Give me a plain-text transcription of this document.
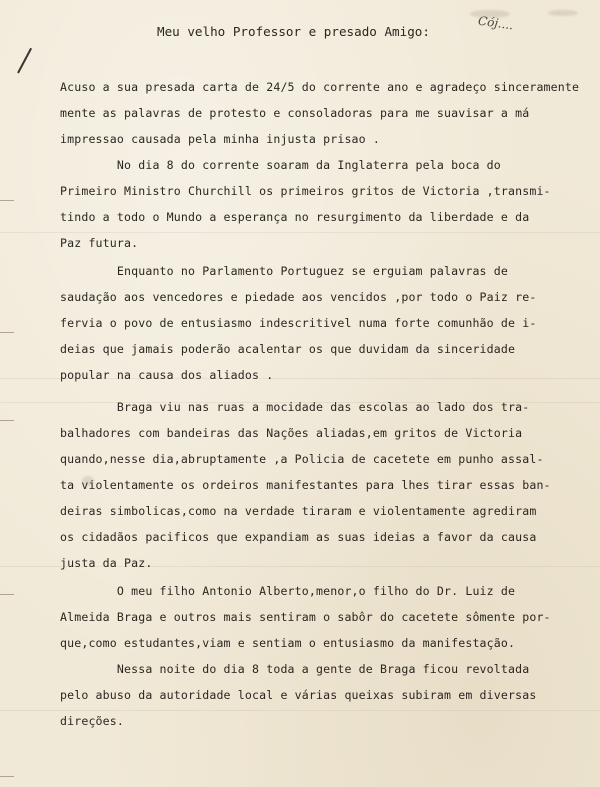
Cój....
Meu velho Professor e presado Amigo:

Acuso a sua presada carta de 24/5 do corrente ano e agradeço sinceramente

mente as palavras de protesto e consoladoras para me suavisar a má

impressao causada pela minha injusta prisao .

No dia 8 do corrente soaram da Inglaterra pela boca do

Primeiro Ministro Churchill os primeiros gritos de Victoria ,transmi-

tindo a todo o Mundo a esperança no resurgimento da liberdade e da

Paz futura.

Enquanto no Parlamento Portuguez se erguiam palavras de

saudação aos vencedores e piedade aos vencidos ,por todo o Paiz re-

fervia o povo de entusiasmo indescritivel numa forte comunhão de i-

deias que jamais poderão acalentar os que duvidam da sinceridade

popular na causa dos aliados .

Braga viu nas ruas a mocidade das escolas ao lado dos tra-

balhadores com bandeiras das Nações aliadas,em gritos de Victoria

quando,nesse dia,abruptamente ,a Policia de cacetete em punho assal-

ta violentamente os ordeiros manifestantes para lhes tirar essas ban-

deiras simbolicas,como na verdade tiraram e violentamente agrediram

os cidadãos pacificos que expandiam as suas ideias a favor da causa

justa da Paz.

O meu filho Antonio Alberto,menor,o filho do Dr. Luiz de

Almeida Braga e outros mais sentiram o sabôr do cacetete sômente por-

que,como estudantes,viam e sentiam o entusiasmo da manifestação.

Nessa noite do dia 8 toda a gente de Braga ficou revoltada

pelo abuso da autoridade local e várias queixas subiram em diversas

direções.
